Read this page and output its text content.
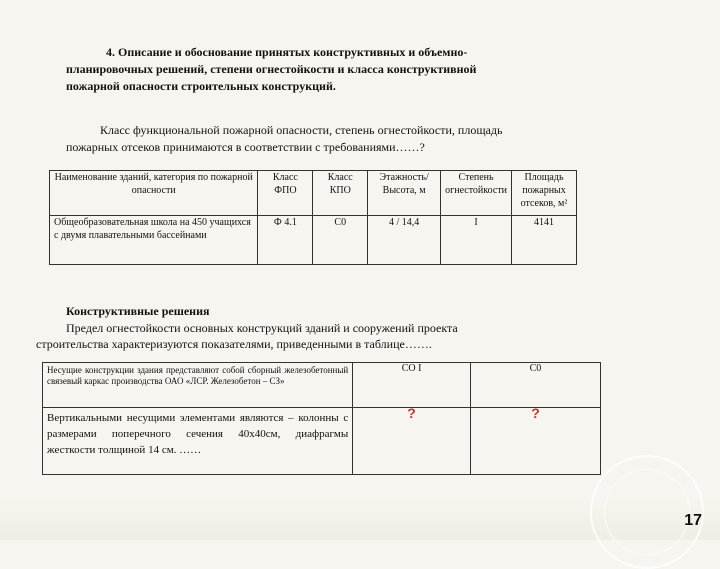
4. Описание и обоснование принятых конструктивных и объемно-
планировочных решений, степени огнестойкости и класса конструктивной
пожарной опасности строительных конструкций.
Класс функциональной пожарной опасности, степень огнестойкости, площадь
пожарных отсеков принимаются в соответствии с требованиями……?
Наименование зданий, категория по пожарной опасности	Класс ФПО	Класс КПО	Этажность/ Высота, м	Степень огнестойкости	Площадь пожарных отсеков, м²
Общеобразовательная школа на 450 учащихся с двумя плавательными бассейнами	Ф 4.1	С0	4 / 14,4	I	4141
Конструктивные решения
Предел огнестойкости основных конструкций зданий и сооружений проекта
строительства характеризуются показателями, приведенными в таблице…….
Несущие конструкции здания представляют собой сборный железобетонный связевый каркас производства ОАО «ЛСР. Железобетон – СЗ»	СО I	С0
Вертикальными несущими элементами являются – колонны с размерами поперечного сечения 40х40см, диафрагмы жесткости толщиной 14 см. ……	?	?
17
